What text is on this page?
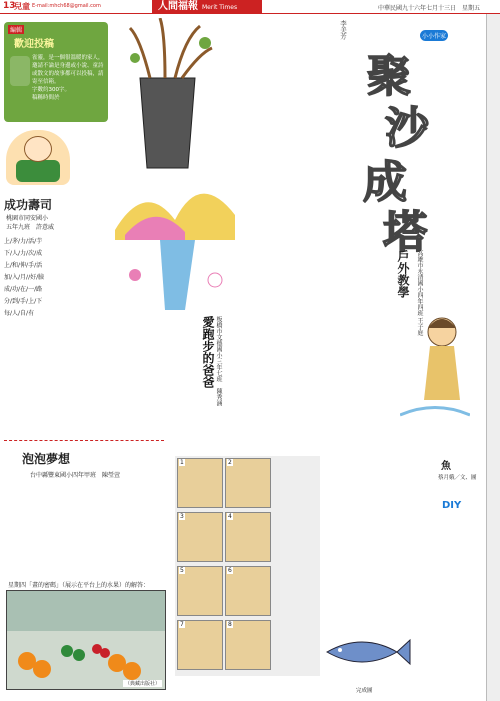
13
兒童 E-mail:mhch68@gmail.com	人間福報 Merit Times	中華民國九十六年七月十三日　星期五
編輯
歡迎投稿

雀靈，是一個很溫暖的家人，邀請不論是身邊或小說、童詩或散文的故事都可以投稿，請寄至信箱。

字數約300字。

稿稱時間於

成功壽司
桃園市同安國小
五年九班　許意威
上∕茅∕力∕活∕芋
下∕人∕力∕次∕成
上∕和∕伸∕手∕活
加∕入∕月∕∕好∕臉
成∕功∕在∕一∕路
分∕到∕手∕上∕下
每∕人∕自∕有
小小作家
聚
沙
成
塔
李美芳
戶外教學	高雄市永清國小四年四班 王子庭
愛跑步的爸爸 板橋市文德國小三年七班　陳秀涵
泡泡夢想
台中縣豐東國小四年甲班　陳瑩萱
星期四「畫的密碼」（展示在平台上的水果）的解答：
（典藏出版社）
1	2
3	4
5	6
7	8
魚
蔡月娥／文、圖
DIY
完成圖
